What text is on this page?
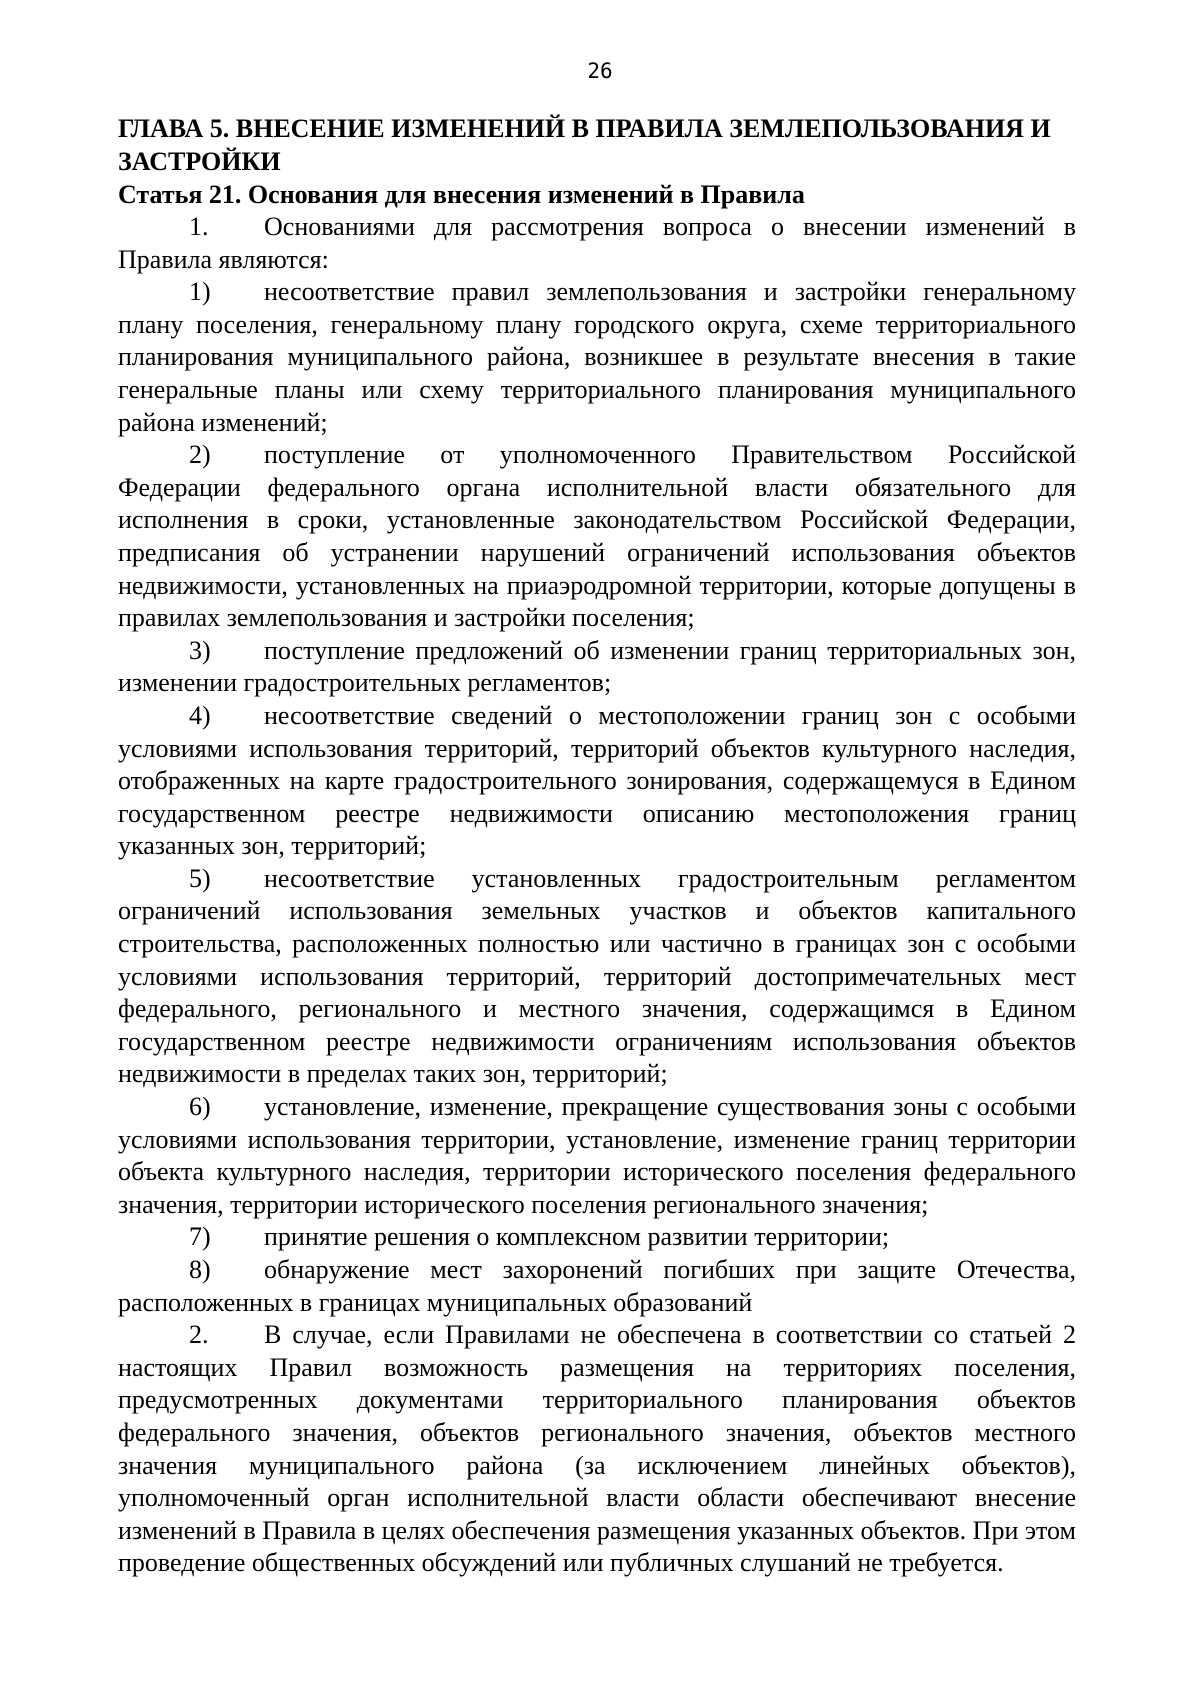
26
ГЛАВА 5. ВНЕСЕНИЕ ИЗМЕНЕНИЙ В ПРАВИЛА ЗЕМЛЕПОЛЬЗОВАНИЯ И ЗАСТРОЙКИ
Статья 21. Основания для внесения изменений в Правила

1. Основаниями для рассмотрения вопроса о внесении изменений в Правила являются:

1) несоответствие правил землепользования и застройки генеральному плану поселения, генеральному плану городского округа, схеме территориального планирования муниципального района, возникшее в результате внесения в такие генеральные планы или схему территориального планирования муниципального района изменений;

2) поступление от уполномоченного Правительством Российской Федерации федерального органа исполнительной власти обязательного для исполнения в сроки, установленные законодательством Российской Федерации, предписания об устранении нарушений ограничений использования объектов недвижимости, установленных на приаэродромной территории, которые допущены в правилах землепользования и застройки поселения;

3) поступление предложений об изменении границ территориальных зон, изменении градостроительных регламентов;

4) несоответствие сведений о местоположении границ зон с особыми условиями использования территорий, территорий объектов культурного наследия, отображенных на карте градостроительного зонирования, содержащемуся в Едином государственном реестре недвижимости описанию местоположения границ указанных зон, территорий;

5) несоответствие установленных градостроительным регламентом ограничений использования земельных участков и объектов капитального строительства, расположенных полностью или частично в границах зон с особыми условиями использования территорий, территорий достопримечательных мест федерального, регионального и местного значения, содержащимся в Едином государственном реестре недвижимости ограничениям использования объектов недвижимости в пределах таких зон, территорий;

6) установление, изменение, прекращение существования зоны с особыми условиями использования территории, установление, изменение границ территории объекта культурного наследия, территории исторического поселения федерального значения, территории исторического поселения регионального значения;

7) принятие решения о комплексном развитии территории;

8) обнаружение мест захоронений погибших при защите Отечества, расположенных в границах муниципальных образований

2. В случае, если Правилами не обеспечена в соответствии со статьей 2 настоящих Правил возможность размещения на территориях поселения, предусмотренных документами территориального планирования объектов федерального значения, объектов регионального значения, объектов местного значения муниципального района (за исключением линейных объектов), уполномоченный орган исполнительной власти области обеспечивают внесение изменений в Правила в целях обеспечения размещения указанных объектов. При этом проведение общественных обсуждений или публичных слушаний не требуется.
